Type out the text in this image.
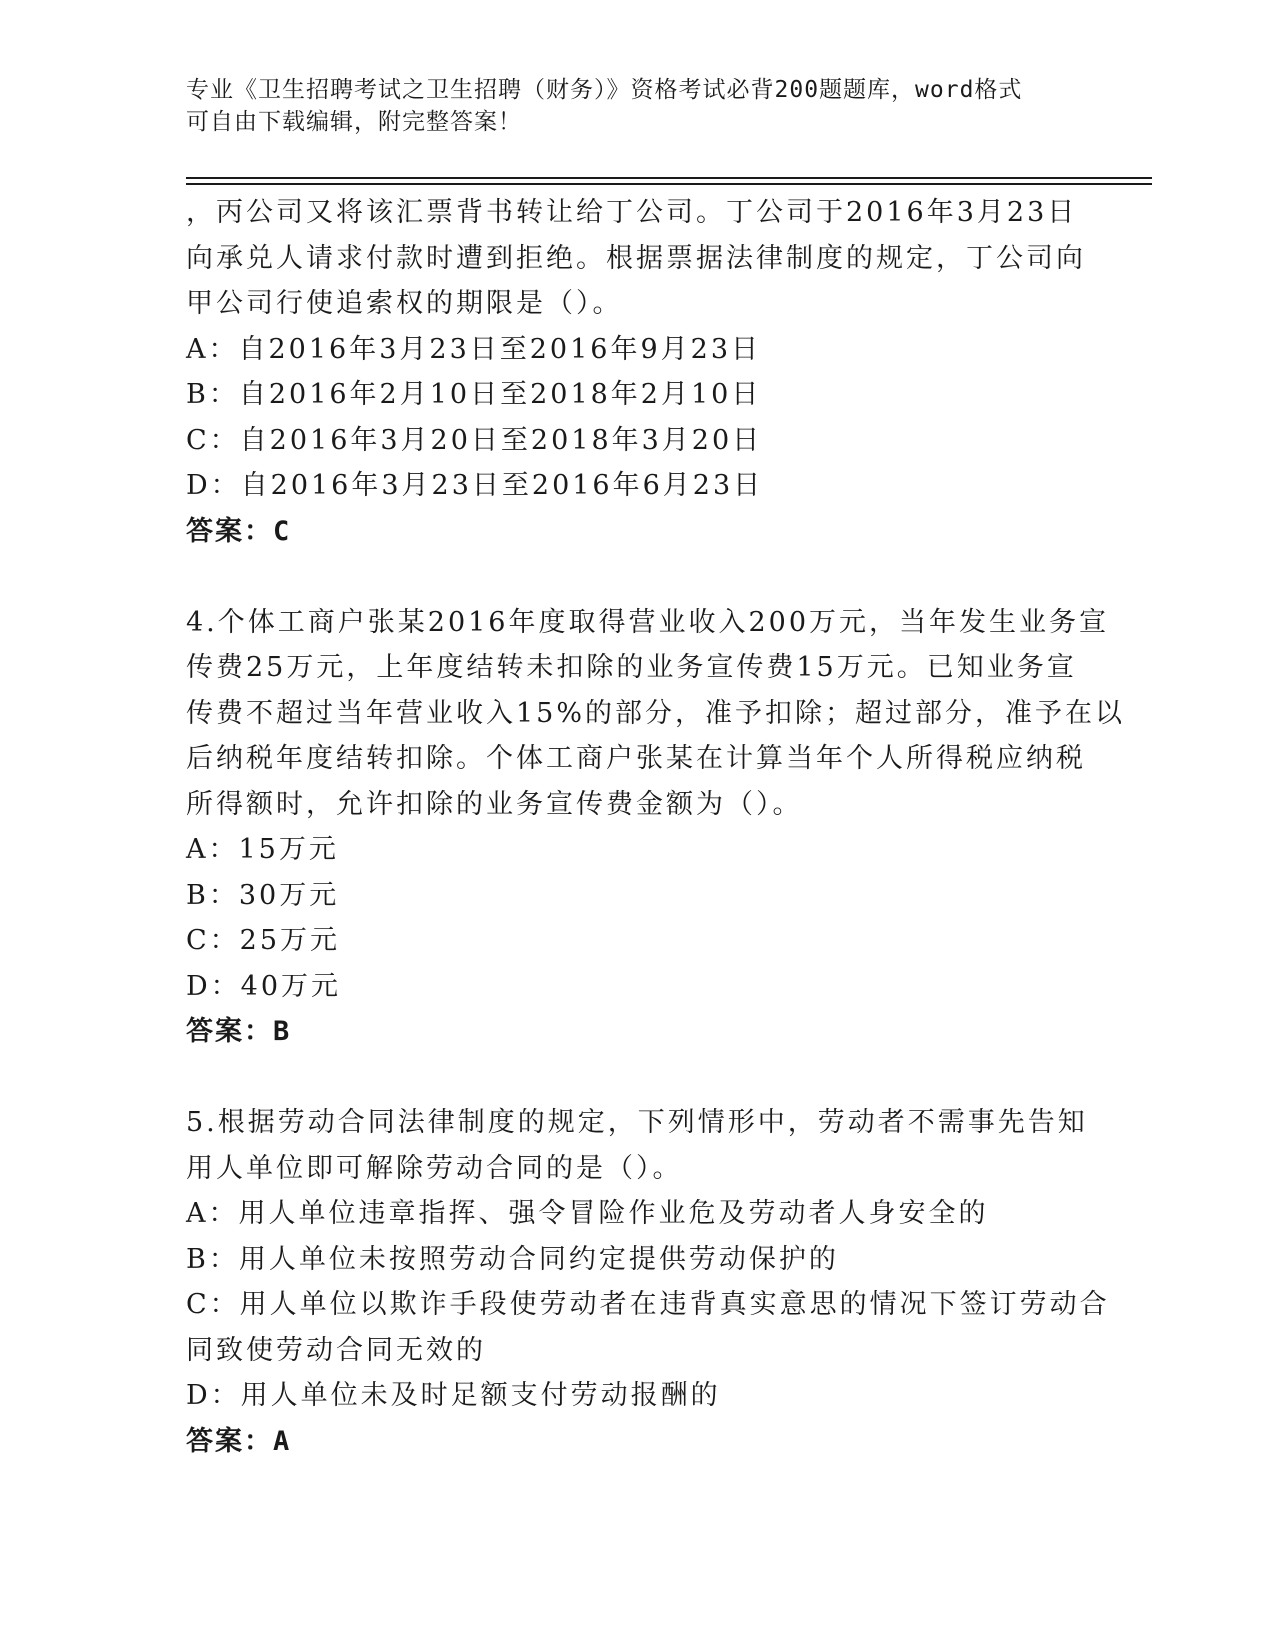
专业《卫生招聘考试之卫生招聘（财务）》资格考试必背200题题库，word格式
可自由下载编辑，附完整答案！
，丙公司又将该汇票背书转让给丁公司。丁公司于2016年3月23日
向承兑人请求付款时遭到拒绝。根据票据法律制度的规定，丁公司向
甲公司行使追索权的期限是（）。
A：自2016年3月23日至2016年9月23日
B：自2016年2月10日至2018年2月10日
C：自2016年3月20日至2018年3月20日
D：自2016年3月23日至2016年6月23日
答案：C
4.个体工商户张某2016年度取得营业收入200万元，当年发生业务宣
传费25万元，上年度结转未扣除的业务宣传费15万元。已知业务宣
传费不超过当年营业收入15%的部分，准予扣除；超过部分，准予在以
后纳税年度结转扣除。个体工商户张某在计算当年个人所得税应纳税
所得额时，允许扣除的业务宣传费金额为（）。
A：15万元
B：30万元
C：25万元
D：40万元
答案：B
5.根据劳动合同法律制度的规定，下列情形中，劳动者不需事先告知
用人单位即可解除劳动合同的是（）。
A：用人单位违章指挥、强令冒险作业危及劳动者人身安全的
B：用人单位未按照劳动合同约定提供劳动保护的
C：用人单位以欺诈手段使劳动者在违背真实意思的情况下签订劳动合
同致使劳动合同无效的
D：用人单位未及时足额支付劳动报酬的
答案：A
